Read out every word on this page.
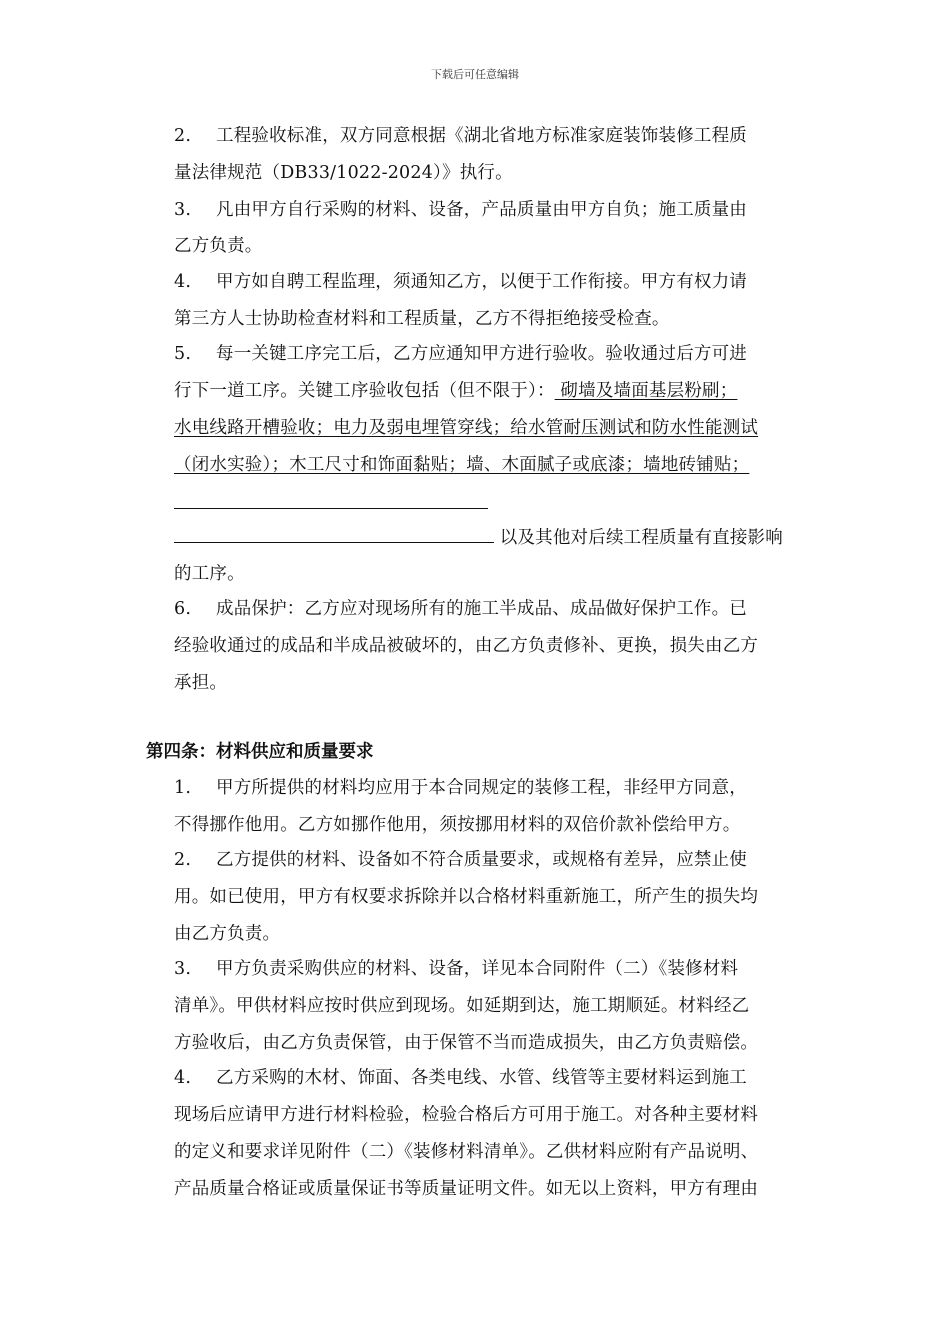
下载后可任意编辑
2. 工程验收标准，双方同意根据《湖北省地方标准家庭装饰装修工程质
量法律规范（DB33/1022-2024）》执行。
3. 凡由甲方自行采购的材料、设备，产品质量由甲方自负；施工质量由
乙方负责。
4. 甲方如自聘工程监理，须通知乙方，以便于工作衔接。甲方有权力请
第三方人士协助检查材料和工程质量，乙方不得拒绝接受检查。
5. 每一关键工序完工后，乙方应通知甲方进行验收。验收通过后方可进
行下一道工序。关键工序验收包括（但不限于）： 砌墙及墙面基层粉刷；
水电线路开槽验收；电力及弱电埋管穿线；给水管耐压测试和防水性能测试
（闭水实验）；木工尺寸和饰面黏贴；墙、木面腻子或底漆；墙地砖铺贴；
以及其他对后续工程质量有直接影响
的工序。
6. 成品保护：乙方应对现场所有的施工半成品、成品做好保护工作。已
经验收通过的成品和半成品被破坏的，由乙方负责修补、更换，损失由乙方
承担。
第四条：材料供应和质量要求
1. 甲方所提供的材料均应用于本合同规定的装修工程，非经甲方同意，
不得挪作他用。乙方如挪作他用，须按挪用材料的双倍价款补偿给甲方。
2. 乙方提供的材料、设备如不符合质量要求，或规格有差异，应禁止使
用。如已使用，甲方有权要求拆除并以合格材料重新施工，所产生的损失均
由乙方负责。
3. 甲方负责采购供应的材料、设备，详见本合同附件（二）《装修材料
清单》。甲供材料应按时供应到现场。如延期到达，施工期顺延。材料经乙
方验收后，由乙方负责保管，由于保管不当而造成损失，由乙方负责赔偿。
4. 乙方采购的木材、饰面、各类电线、水管、线管等主要材料运到施工
现场后应请甲方进行材料检验，检验合格后方可用于施工。对各种主要材料
的定义和要求详见附件（二）《装修材料清单》。乙供材料应附有产品说明、
产品质量合格证或质量保证书等质量证明文件。如无以上资料，甲方有理由
